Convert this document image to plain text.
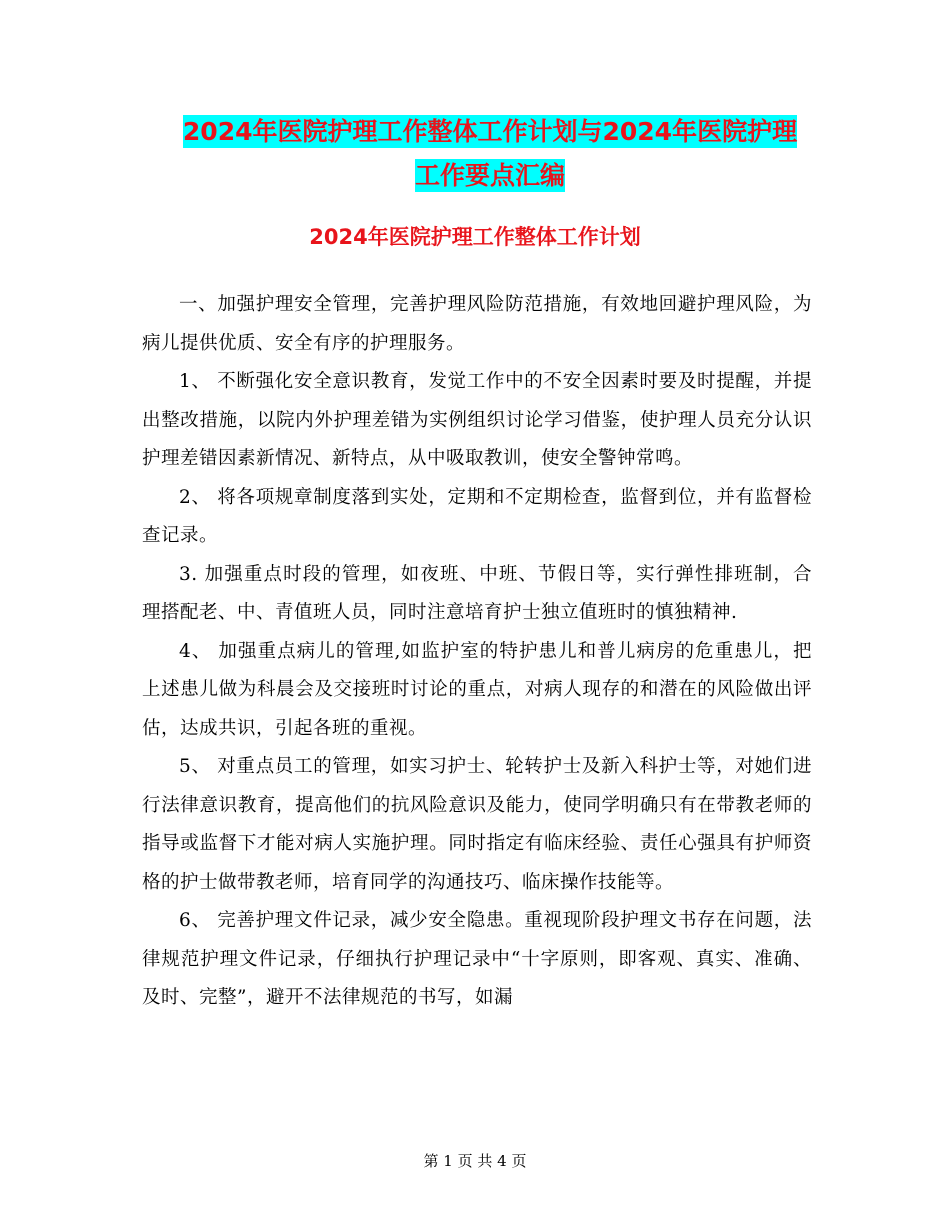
2024年医院护理工作整体工作计划与2024年医院护理
工作要点汇编
2024年医院护理工作整体工作计划

一、加强护理安全管理，完善护理风险防范措施，有效地回避护理风险，为病儿提供优质、安全有序的护理服务。

1、 不断强化安全意识教育，发觉工作中的不安全因素时要及时提醒，并提出整改措施，以院内外护理差错为实例组织讨论学习借鉴，使护理人员充分认识护理差错因素新情况、新特点，从中吸取教训，使安全警钟常鸣。

2、 将各项规章制度落到实处，定期和不定期检查，监督到位，并有监督检查记录。

3. 加强重点时段的管理，如夜班、中班、节假日等，实行弹性排班制，合理搭配老、中、青值班人员，同时注意培育护士独立值班时的慎独精神.

4、 加强重点病儿的管理,如监护室的特护患儿和普儿病房的危重患儿，把上述患儿做为科晨会及交接班时讨论的重点，对病人现存的和潜在的风险做出评估，达成共识，引起各班的重视。

5、 对重点员工的管理，如实习护士、轮转护士及新入科护士等，对她们进行法律意识教育，提高他们的抗风险意识及能力，使同学明确只有在带教老师的指导或监督下才能对病人实施护理。同时指定有临床经验、责任心强具有护师资格的护士做带教老师，培育同学的沟通技巧、临床操作技能等。

6、 完善护理文件记录，减少安全隐患。重视现阶段护理文书存在问题，法律规范护理文件记录，仔细执行护理记录中“十字原则，即客观、真实、准确、及时、完整”，避开不法律规范的书写，如漏

第 1 页 共 4 页
